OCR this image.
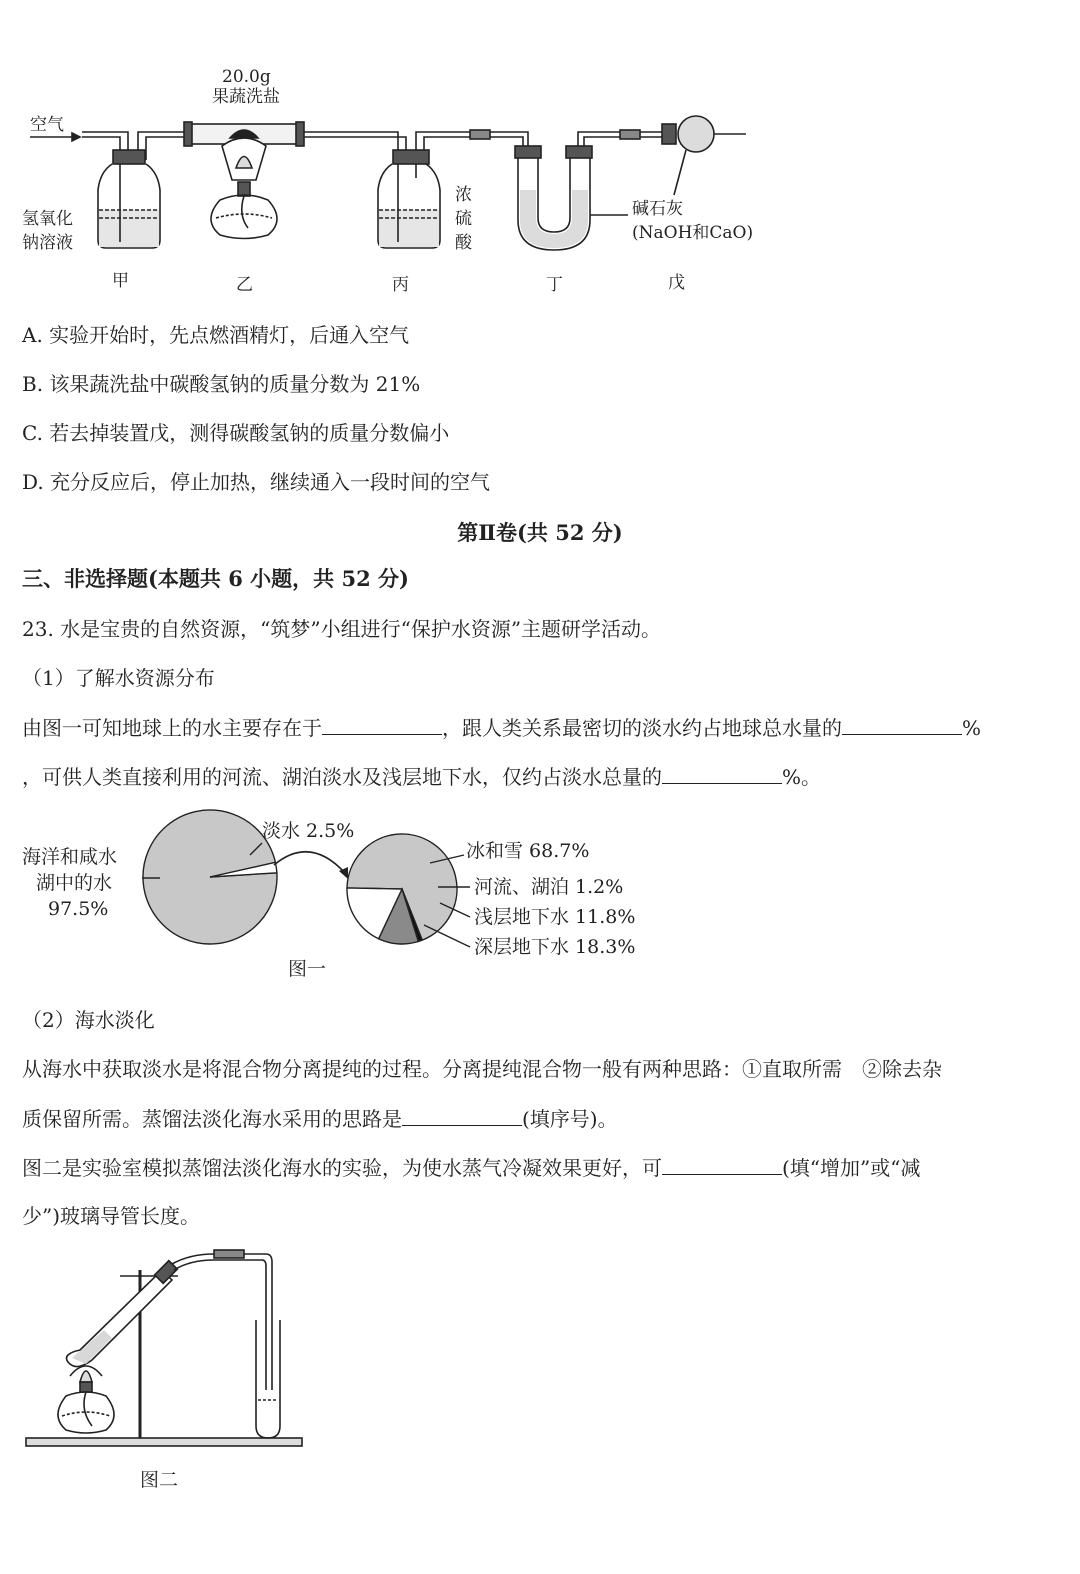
空气
20.0g
果蔬洗盐
氢氧化
钠溶液
浓
硫
酸
碱石灰
(NaOH和CaO)
甲	乙	丙	丁	戊
A. 实验开始时，先点燃酒精灯，后通入空气
B. 该果蔬洗盐中碳酸氢钠的质量分数为 21%
C. 若去掉装置戊，测得碳酸氢钠的质量分数偏小
D. 充分反应后，停止加热，继续通入一段时间的空气
第Ⅱ卷(共 52 分)
三、非选择题(本题共 6 小题，共 52 分)
23. 水是宝贵的自然资源，“筑梦”小组进行“保护水资源”主题研学活动。
（1）了解水资源分布
由图一可知地球上的水主要存在于	，跟人类关系最密切的淡水约占地球总水量的	%
，可供人类直接利用的河流、湖泊淡水及浅层地下水，仅约占淡水总量的	%。
海洋和咸水
湖中的水
97.5%
淡水 2.5%
冰和雪 68.7%
河流、湖泊 1.2%
浅层地下水 11.8%
深层地下水 18.3%
图一
（2）海水淡化
从海水中获取淡水是将混合物分离提纯的过程。分离提纯混合物一般有两种思路：①直取所需　②除去杂
质保留所需。蒸馏法淡化海水采用的思路是	(填序号)。
图二是实验室模拟蒸馏法淡化海水的实验，为使水蒸气冷凝效果更好，可	(填“增加”或“减
少”)玻璃导管长度。
图二
